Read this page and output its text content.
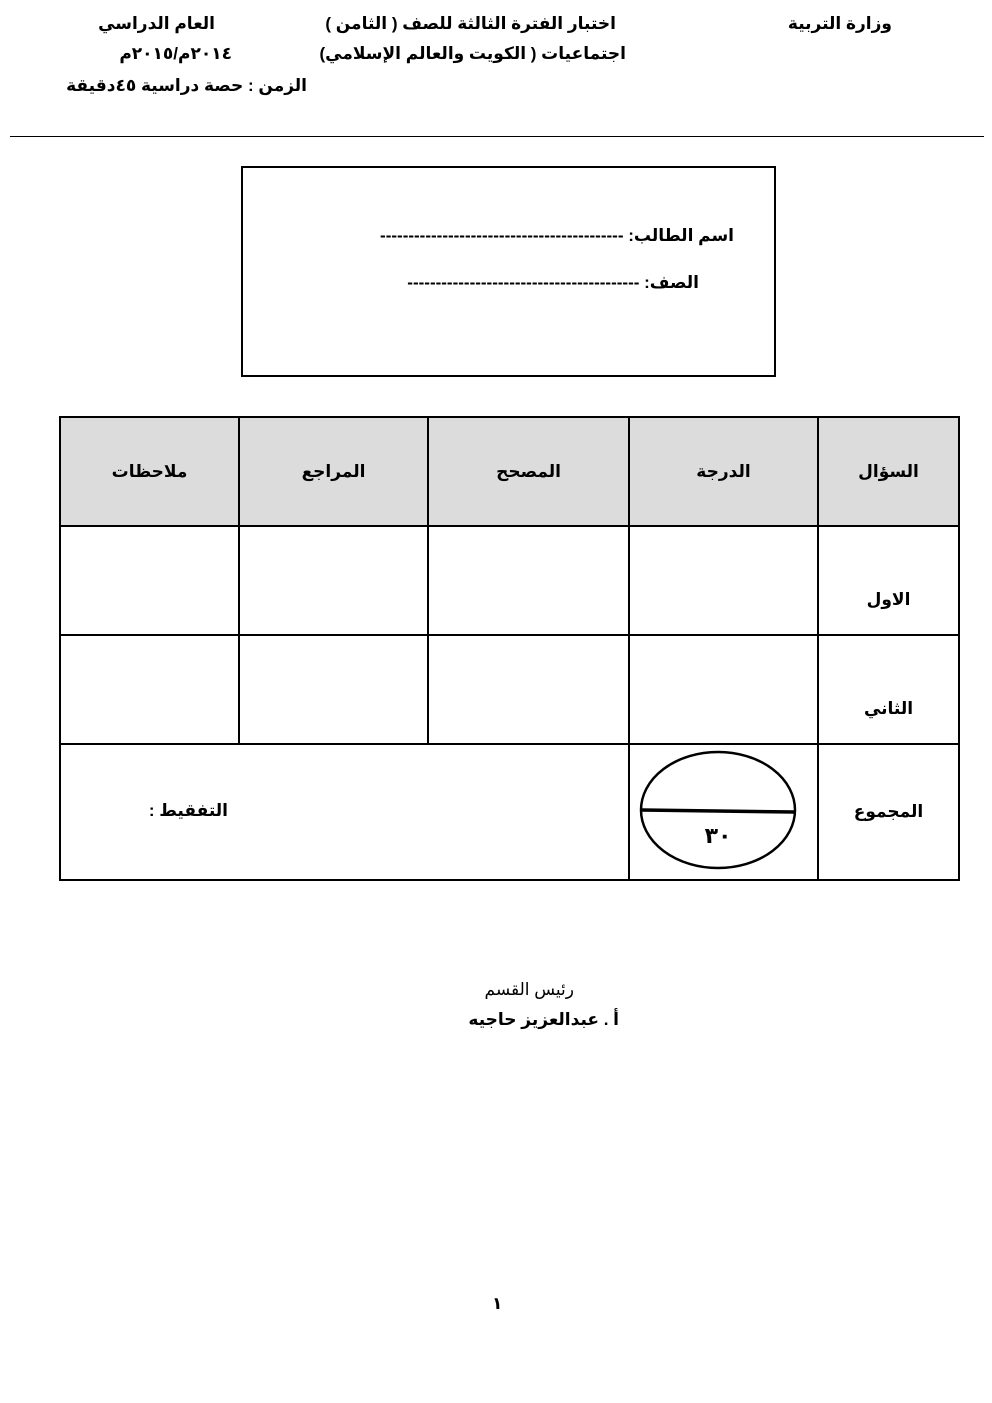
وزارة التربية
اختبار الفترة الثالثة للصف ( الثامن )
اجتماعيات ( الكويت والعالم الإسلامي)
العام الدراسي
٢٠١٤م/٢٠١٥م
الزمن : حصة دراسية ٤٥دقيقة
اسم الطالب: -------------------------------------------
الصف: -----------------------------------------
السؤال	الدرجة	المصحح	المراجع	ملاحظات

الاول				

الثاني				

المجموع	٣٠	التفقيط :		
رئيس القسم
أ . عبدالعزيز حاجيه
١
